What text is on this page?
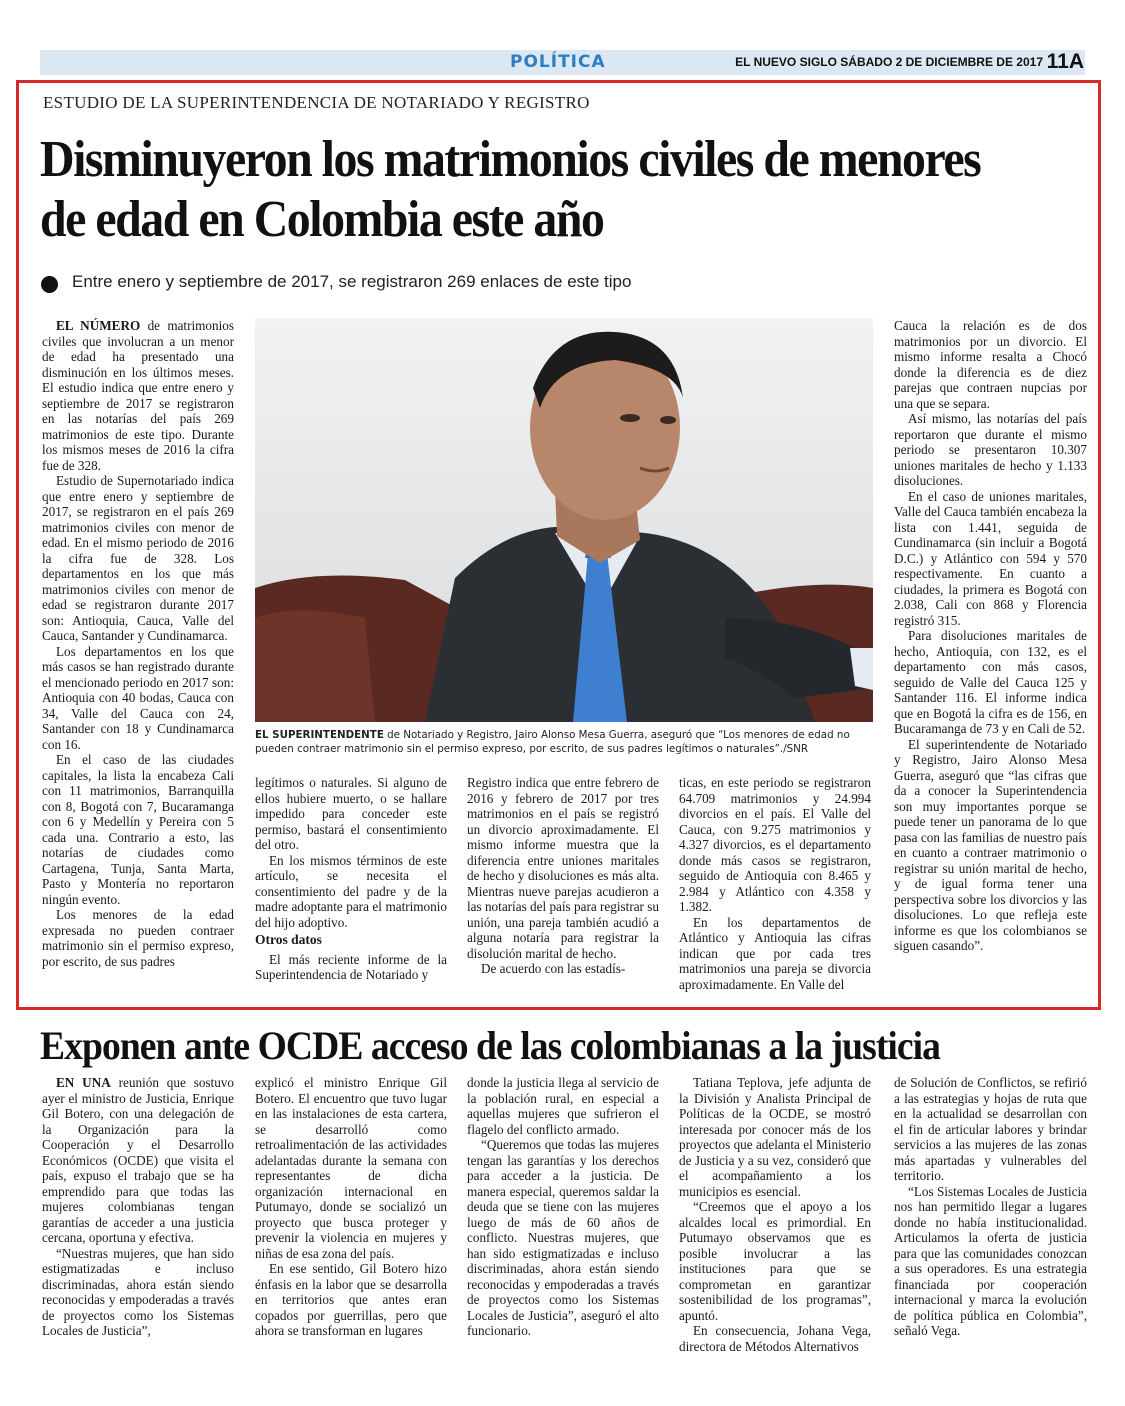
POLÍTICA	EL NUEVO SIGLO SÁBADO 2 DE DICIEMBRE DE 2017 11A
ESTUDIO DE LA SUPERINTENDENCIA DE NOTARIADO Y REGISTRO
Disminuyeron los matrimonios civiles de menores de edad en Colombia este año
Entre enero y septiembre de 2017, se registraron 269 enlaces de este tipo

EL NÚMERO de matrimonios civiles que involucran a un menor de edad ha presentado una disminución en los últimos meses. El estudio indica que entre enero y septiembre de 2017 se registraron en las notarías del país 269 matrimonios de este tipo. Durante los mismos meses de 2016 la cifra fue de 328.

Estudio de Supernotariado indica que entre enero y septiembre de 2017, se registraron en el país 269 matrimonios civiles con menor de edad. En el mismo periodo de 2016 la cifra fue de 328. Los departamentos en los que más matrimonios civiles con menor de edad se registraron durante 2017 son: Antioquia, Cauca, Valle del Cauca, Santander y Cundinamarca.

Los departamentos en los que más casos se han registrado durante el mencionado periodo en 2017 son: Antioquia con 40 bodas, Cauca con 34, Valle del Cauca con 24, Santander con 18 y Cundinamarca con 16.

En el caso de las ciudades capitales, la lista la encabeza Cali con 11 matrimonios, Barranquilla con 8, Bogotá con 7, Bucaramanga con 6 y Medellín y Pereira con 5 cada una. Contrario a esto, las notarías de ciudades como Cartagena, Tunja, Santa Marta, Pasto y Montería no reportaron ningún evento.

Los menores de la edad expresada no pueden contraer matrimonio sin el permiso expreso, por escrito, de sus padres

EL SUPERINTENDENTE de Notariado y Registro, Jairo Alonso Mesa Guerra, aseguró que “Los menores de edad no pueden contraer matrimonio sin el permiso expreso, por escrito, de sus padres legítimos o naturales”./SNR

legítimos o naturales. Si alguno de ellos hubiere muerto, o se hallare impedido para conceder este permiso, bastará el consentimiento del otro.

En los mismos términos de este artículo, se necesita el consentimiento del padre y de la madre adoptante para el matrimonio del hijo adoptivo.

Otros datos

El más reciente informe de la Superintendencia de Notariado y

Registro indica que entre febrero de 2016 y febrero de 2017 por tres matrimonios en el país se registró un divorcio aproximadamente. El mismo informe muestra que la diferencia entre uniones maritales de hecho y disoluciones es más alta. Mientras nueve parejas acudieron a las notarías del país para registrar su unión, una pareja también acudió a alguna notaría para registrar la disolución marital de hecho.

De acuerdo con las estadís-

ticas, en este periodo se registraron 64.709 matrimonios y 24.994 divorcios en el país. El Valle del Cauca, con 9.275 matrimonios y 4.327 divorcios, es el departamento donde más casos se registraron, seguido de Antioquia con 8.465 y 2.984 y Atlántico con 4.358 y 1.382.

En los departamentos de Atlántico y Antioquia las cifras indican que por cada tres matrimonios una pareja se divorcia aproximadamente. En Valle del

Cauca la relación es de dos matrimonios por un divorcio. El mismo informe resalta a Chocó donde la diferencia es de diez parejas que contraen nupcias por una que se separa.

Así mismo, las notarías del país reportaron que durante el mismo periodo se presentaron 10.307 uniones maritales de hecho y 1.133 disoluciones.

En el caso de uniones maritales, Valle del Cauca también encabeza la lista con 1.441, seguida de Cundinamarca (sin incluir a Bogotá D.C.) y Atlántico con 594 y 570 respectivamente. En cuanto a ciudades, la primera es Bogotá con 2.038, Cali con 868 y Florencia registró 315.

Para disoluciones maritales de hecho, Antioquia, con 132, es el departamento con más casos, seguido de Valle del Cauca 125 y Santander 116. El informe indica que en Bogotá la cifra es de 156, en Bucaramanga de 73 y en Cali de 52.

El superintendente de Notariado y Registro, Jairo Alonso Mesa Guerra, aseguró que “las cifras que da a conocer la Superintendencia son muy importantes porque se puede tener un panorama de lo que pasa con las familias de nuestro país en cuanto a contraer matrimonio o registrar su unión marital de hecho, y de igual forma tener una perspectiva sobre los divorcios y las disoluciones. Lo que refleja este informe es que los colombianos se siguen casando”.

Exponen ante OCDE acceso de las colombianas a la justicia

EN UNA reunión que sostuvo ayer el ministro de Justicia, Enrique Gil Botero, con una delegación de la Organización para la Cooperación y el Desarrollo Económicos (OCDE) que visita el país, expuso el trabajo que se ha emprendido para que todas las mujeres colombianas tengan garantías de acceder a una justicia cercana, oportuna y efectiva.

“Nuestras mujeres, que han sido estigmatizadas e incluso discriminadas, ahora están siendo reconocidas y empoderadas a través de proyectos como los Sistemas Locales de Justicia”,

explicó el ministro Enrique Gil Botero. El encuentro que tuvo lugar en las instalaciones de esta cartera, se desarrolló como retroalimentación de las actividades adelantadas durante la semana con representantes de dicha organización internacional en Putumayo, donde se socializó un proyecto que busca proteger y prevenir la violencia en mujeres y niñas de esa zona del país.

En ese sentido, Gil Botero hizo énfasis en la labor que se desarrolla en territorios que antes eran copados por guerrillas, pero que ahora se transforman en lugares

donde la justicia llega al servicio de la población rural, en especial a aquellas mujeres que sufrieron el flagelo del conflicto armado.

“Queremos que todas las mujeres tengan las garantías y los derechos para acceder a la justicia. De manera especial, queremos saldar la deuda que se tiene con las mujeres luego de más de 60 años de conflicto. Nuestras mujeres, que han sido estigmatizadas e incluso discriminadas, ahora están siendo reconocidas y empoderadas a través de proyectos como los Sistemas Locales de Justicia”, aseguró el alto funcionario.

Tatiana Teplova, jefe adjunta de la División y Analista Principal de Políticas de la OCDE, se mostró interesada por conocer más de los proyectos que adelanta el Ministerio de Justicia y a su vez, consideró que el acompañamiento a los municipios es esencial.

“Creemos que el apoyo a los alcaldes local es primordial. En Putumayo observamos que es posible involucrar a las instituciones para que se comprometan en garantizar sostenibilidad de los programas”, apuntó.

En consecuencia, Johana Vega, directora de Métodos Alternativos

de Solución de Conflictos, se refirió a las estrategias y hojas de ruta que en la actualidad se desarrollan con el fin de articular labores y brindar servicios a las mujeres de las zonas más apartadas y vulnerables del territorio.

“Los Sistemas Locales de Justicia nos han permitido llegar a lugares donde no había institucionalidad. Articulamos la oferta de justicia para que las comunidades conozcan a sus operadores. Es una estrategia financiada por cooperación internacional y marca la evolución de política pública en Colombia”, señaló Vega.
